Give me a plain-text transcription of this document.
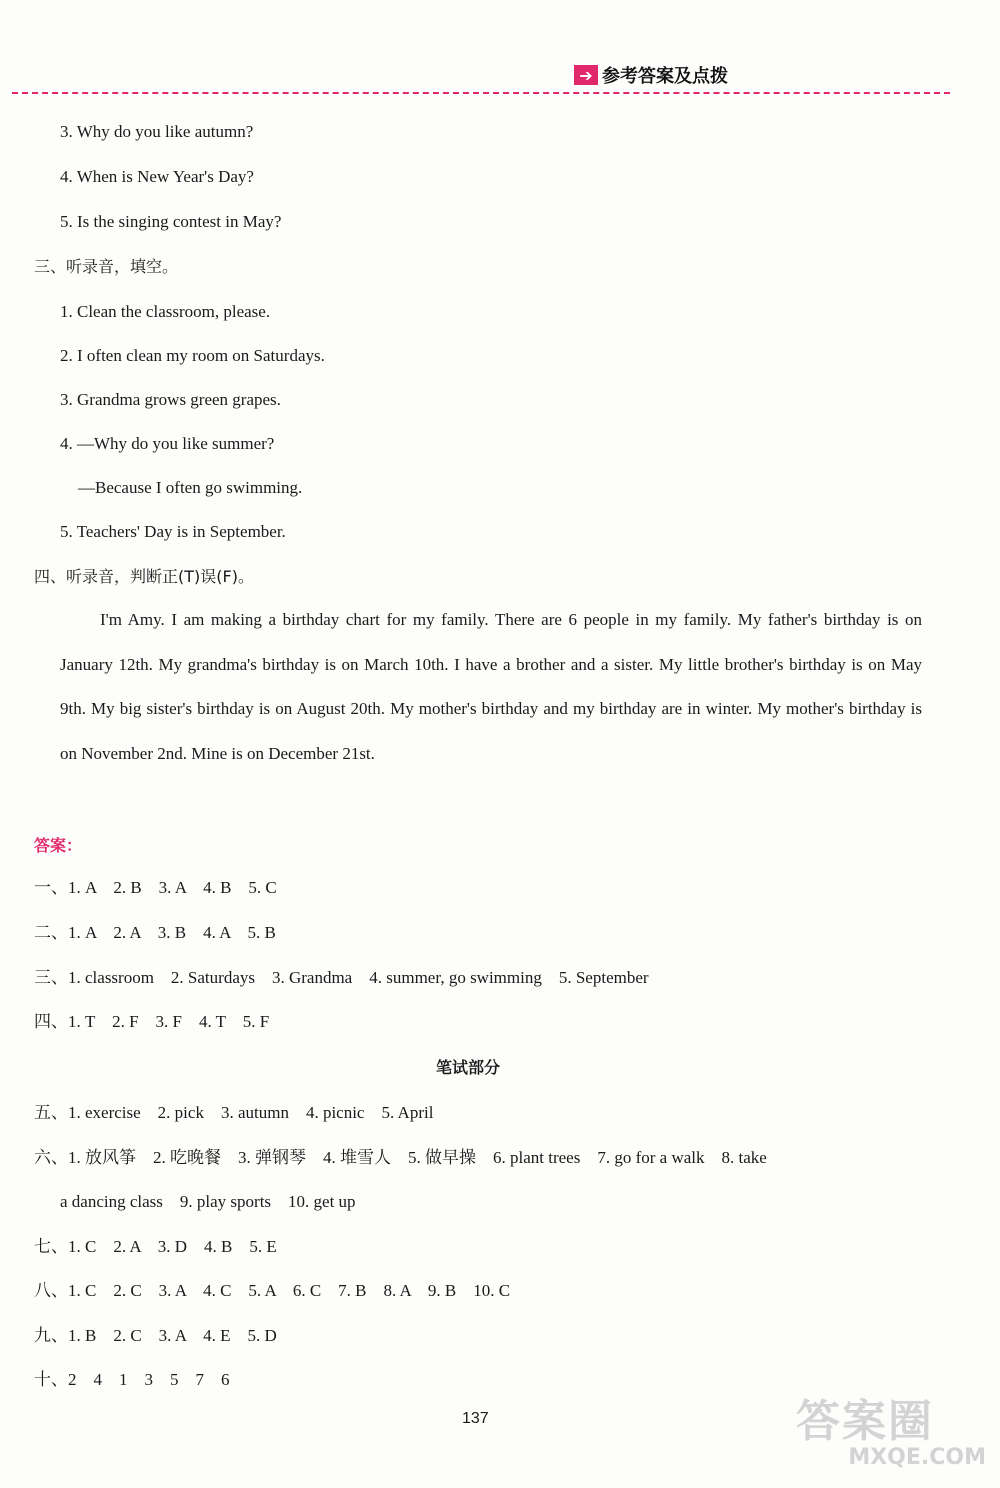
➔ 参考答案及点拨
3. Why do you like autumn?
4. When is New Year's Day?
5. Is the singing contest in May?
三、听录音，填空。
1. Clean the classroom, please.
2. I often clean my room on Saturdays.
3. Grandma grows green grapes.
4. —Why do you like summer?
—Because I often go swimming.
5. Teachers' Day is in September.
四、听录音，判断正(T)误(F)。
I'm Amy. I am making a birthday chart for my family. There are 6 people in my family. My father's birthday is on January 12th. My grandma's birthday is on March 10th. I have a brother and a sister. My little brother's birthday is on May 9th. My big sister's birthday is on August 20th. My mother's birthday and my birthday are in winter. My mother's birthday is on November 2nd. Mine is on December 21st.
答案：
一、1. A　2. B　3. A　4. B　5. C
二、1. A　2. A　3. B　4. A　5. B
三、1. classroom　2. Saturdays　3. Grandma　4. summer, go swimming　5. September
四、1. T　2. F　3. F　4. T　5. F
笔试部分
五、1. exercise　2. pick　3. autumn　4. picnic　5. April
六、1. 放风筝　2. 吃晚餐　3. 弹钢琴　4. 堆雪人　5. 做早操　6. plant trees　7. go for a walk　8. take
a dancing class　9. play sports　10. get up
七、1. C　2. A　3. D　4. B　5. E
八、1. C　2. C　3. A　4. C　5. A　6. C　7. B　8. A　9. B　10. C
九、1. B　2. C　3. A　4. E　5. D
十、2　4　1　3　5　7　6
137	答案圈
MXQE.COM
